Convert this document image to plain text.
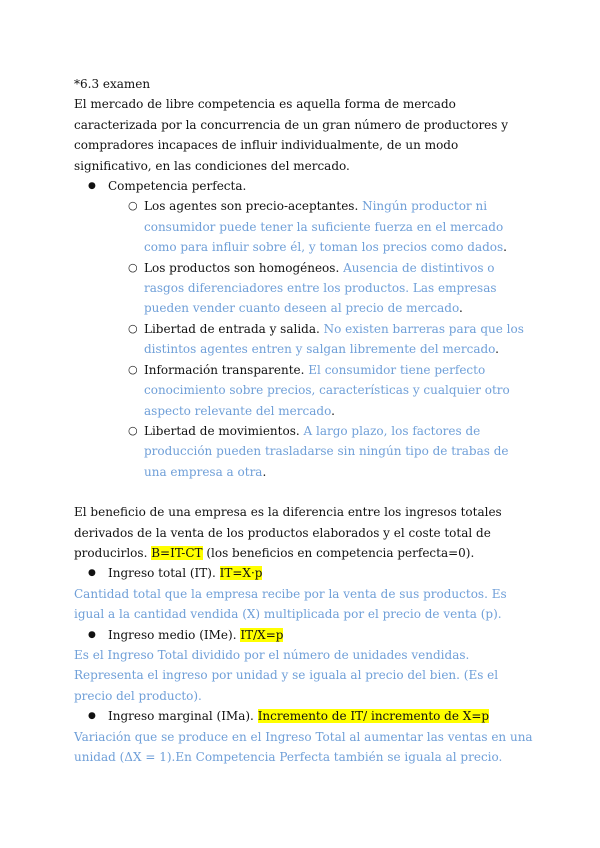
*6.3 examen

El mercado de libre competencia es aquella forma de mercado caracterizada por la concurrencia de un gran número de productores y compradores incapaces de influir individualmente, de un modo significativo, en las condiciones del mercado.

● Competencia perfecta.

○ Los agentes son precio-aceptantes. Ningún productor ni consumidor puede tener la suficiente fuerza en el mercado como para influir sobre él, y toman los precios como dados.
○ Los productos son homogéneos. Ausencia de distintivos o rasgos diferenciadores entre los productos. Las empresas pueden vender cuanto deseen al precio de mercado.
○ Libertad de entrada y salida. No existen barreras para que los distintos agentes entren y salgan libremente del mercado.
○ Información transparente. El consumidor tiene perfecto conocimiento sobre precios, características y cualquier otro aspecto relevante del mercado.
○ Libertad de movimientos. A largo plazo, los factores de producción pueden trasladarse sin ningún tipo de trabas de una empresa a otra.

El beneficio de una empresa es la diferencia entre los ingresos totales derivados de la venta de los productos elaborados y el coste total de producirlos. B=IT-CT (los beneficios en competencia perfecta=0).

● Ingreso total (IT). IT=X·p

Cantidad total que la empresa recibe por la venta de sus productos. Es igual a la cantidad vendida (X) multiplicada por el precio de venta (p).

● Ingreso medio (IMe). IT/X=p

Es el Ingreso Total dividido por el número de unidades vendidas. Representa el ingreso por unidad y se iguala al precio del bien. (Es el precio del producto).

● Ingreso marginal (IMa). Incremento de IT/ incremento de X=p

Variación que se produce en el Ingreso Total al aumentar las ventas en una unidad (ΔX = 1).En Competencia Perfecta también se iguala al precio.
